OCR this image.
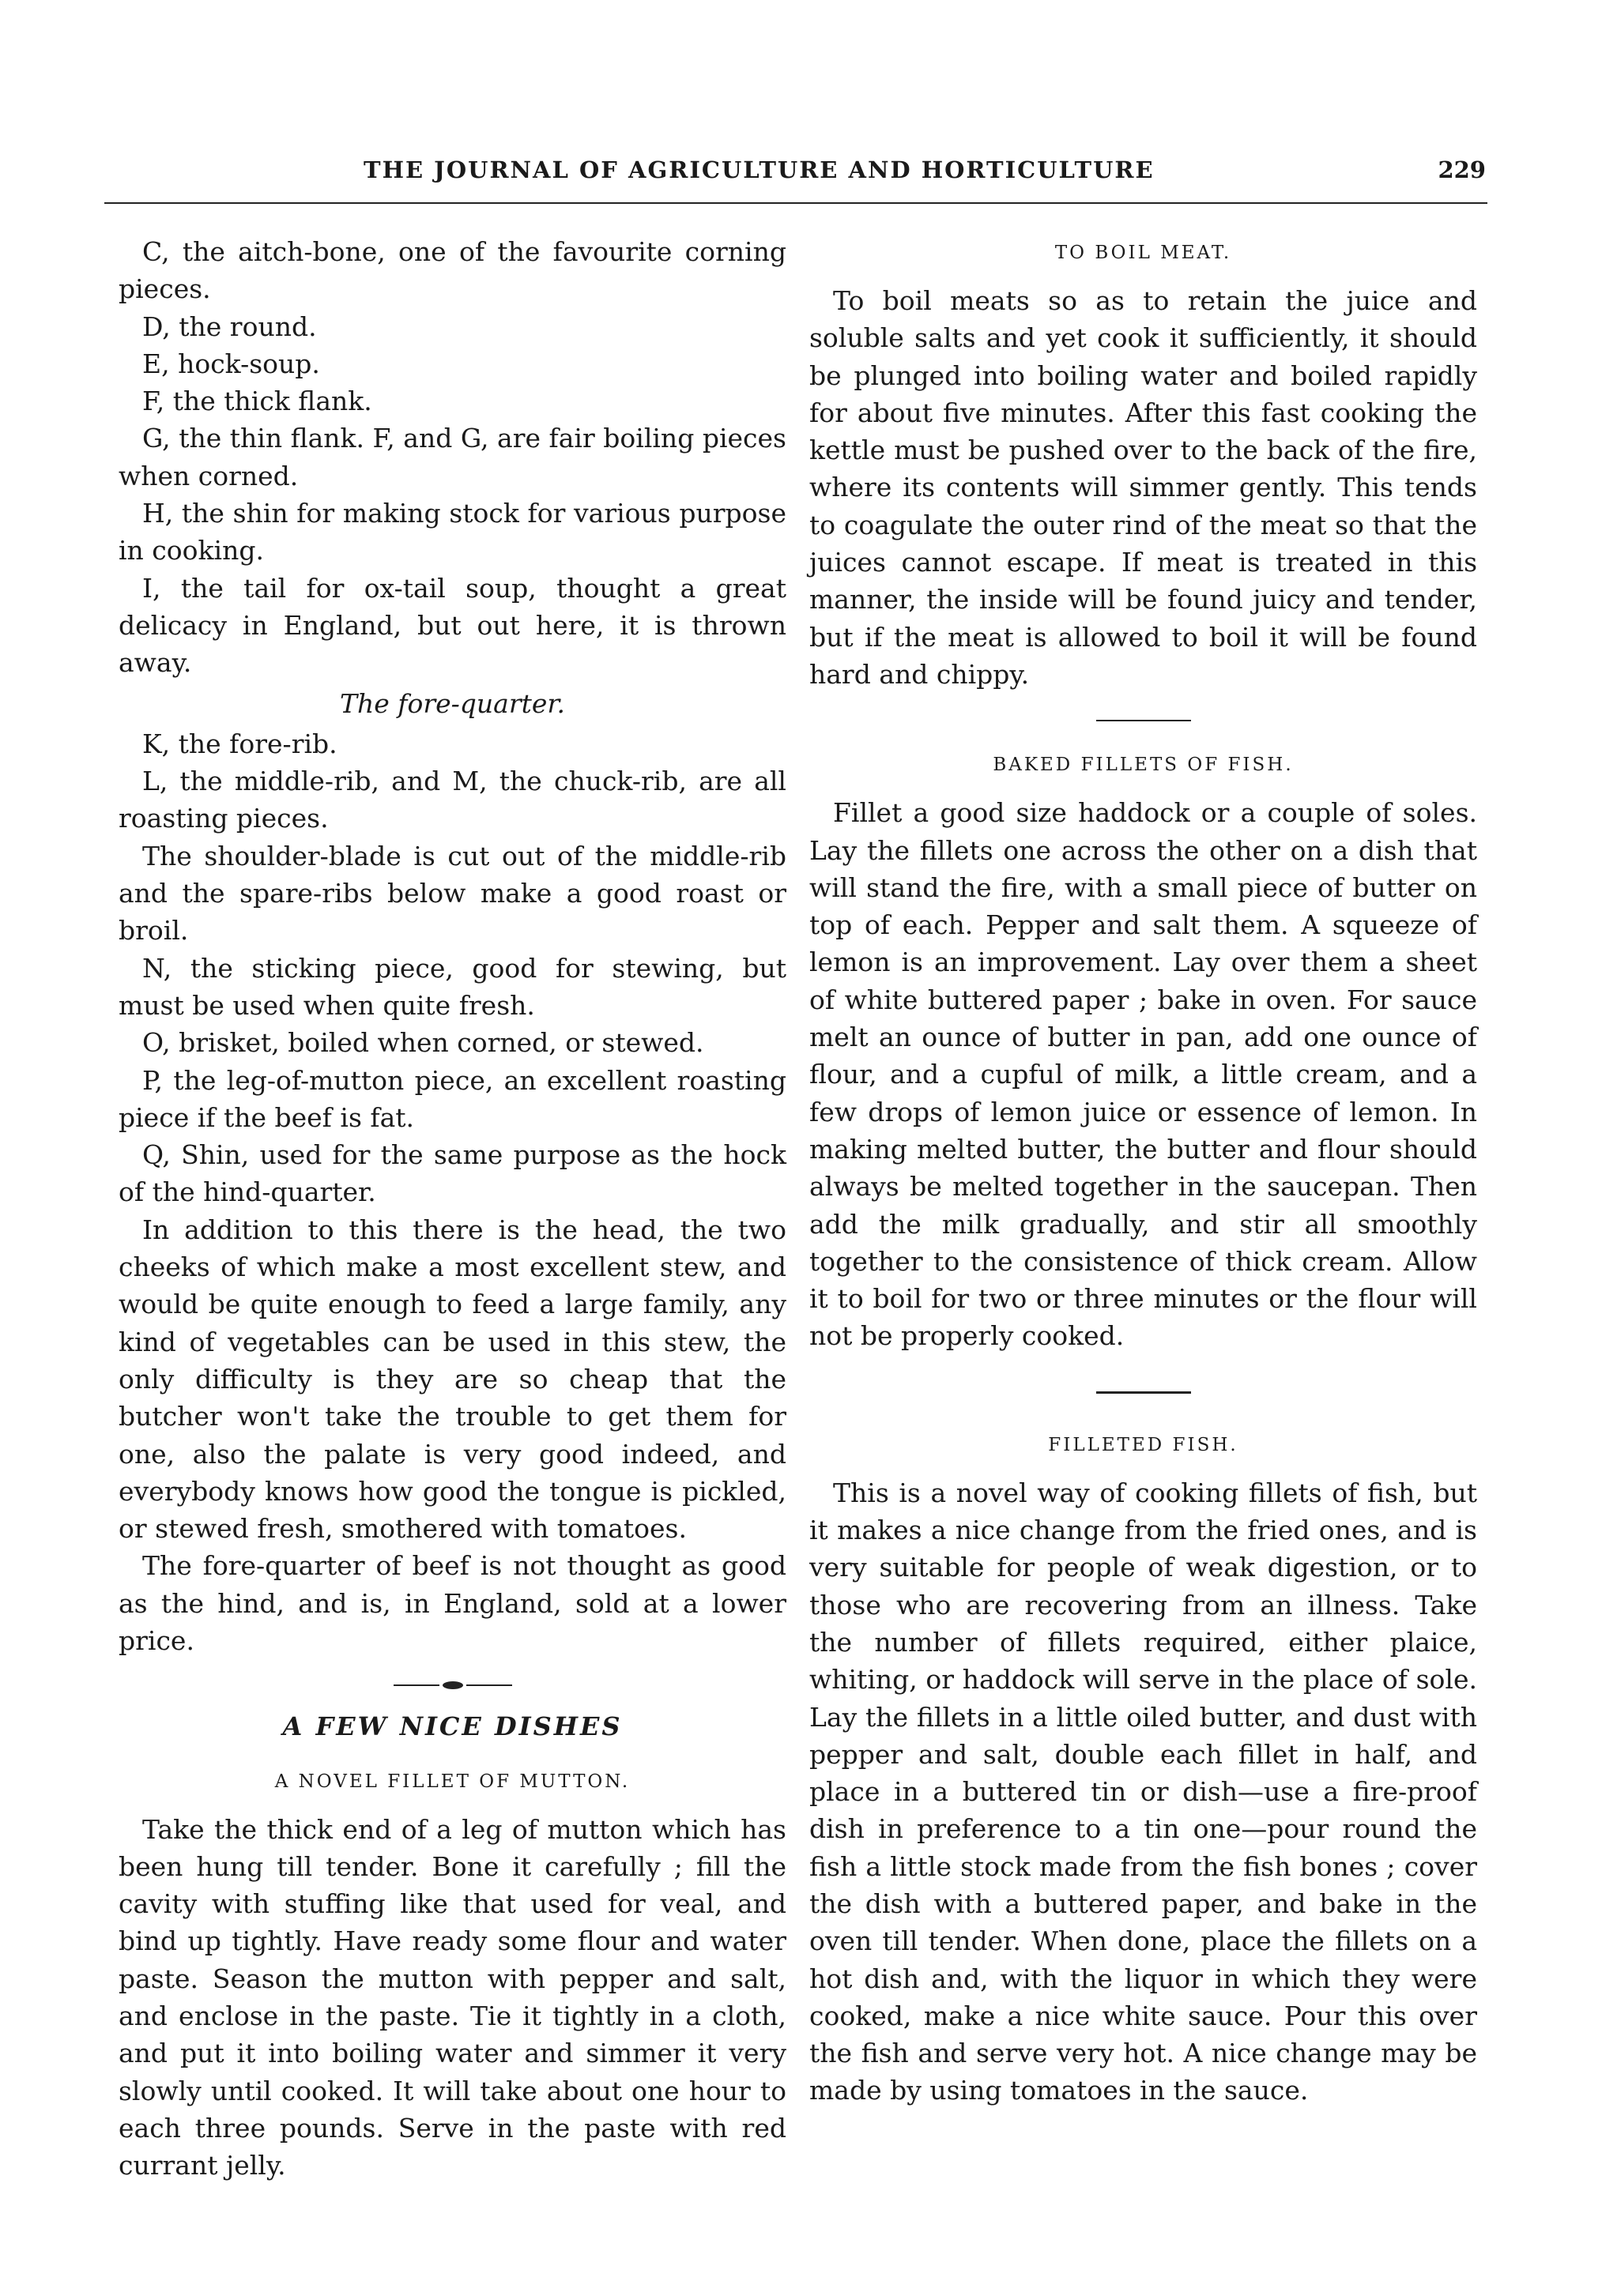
THE JOURNAL OF AGRICULTURE AND HORTICULTURE	229

C, the aitch-bone, one of the favourite corning pieces.

D, the round.

E, hock-soup.

F, the thick flank.

G, the thin flank. F, and G, are fair boiling pieces when corned.

H, the shin for making stock for various purpose in cooking.

I, the tail for ox-tail soup, thought a great delicacy in England, but out here, it is thrown away.

The fore-quarter.

K, the fore-rib.

L, the middle-rib, and M, the chuck-rib, are all roasting pieces.

The shoulder-blade is cut out of the middle-rib and the spare-ribs below make a good roast or broil.

N, the sticking piece, good for stewing, but must be used when quite fresh.

O, brisket, boiled when corned, or stewed.

P, the leg-of-mutton piece, an excellent roasting piece if the beef is fat.

Q, Shin, used for the same purpose as the hock of the hind-quarter.

In addition to this there is the head, the two cheeks of which make a most excellent stew, and would be quite enough to feed a large family, any kind of vegetables can be used in this stew, the only difficulty is they are so cheap that the butcher won't take the trouble to get them for one, also the palate is very good indeed, and everybody knows how good the tongue is pickled, or stewed fresh, smothered with tomatoes.

The fore-quarter of beef is not thought as good as the hind, and is, in England, sold at a lower price.

A FEW NICE DISHES

A NOVEL FILLET OF MUTTON.

Take the thick end of a leg of mutton which has been hung till tender. Bone it carefully ; fill the cavity with stuffing like that used for veal, and bind up tightly. Have ready some flour and water paste. Season the mutton with pepper and salt, and enclose in the paste. Tie it tightly in a cloth, and put it into boiling water and simmer it very slowly until cooked. It will take about one hour to each three pounds. Serve in the paste with red currant jelly.

TO BOIL MEAT.

To boil meats so as to retain the juice and soluble salts and yet cook it sufficiently, it should be plunged into boiling water and boiled rapidly for about five minutes. After this fast cooking the kettle must be pushed over to the back of the fire, where its contents will simmer gently. This tends to coagulate the outer rind of the meat so that the juices cannot escape. If meat is treated in this manner, the inside will be found juicy and tender, but if the meat is allowed to boil it will be found hard and chippy.

BAKED FILLETS OF FISH.

Fillet a good size haddock or a couple of soles. Lay the fillets one across the other on a dish that will stand the fire, with a small piece of butter on top of each. Pepper and salt them. A squeeze of lemon is an improvement. Lay over them a sheet of white buttered paper ; bake in oven. For sauce melt an ounce of butter in pan, add one ounce of flour, and a cupful of milk, a little cream, and a few drops of lemon juice or essence of lemon. In making melted butter, the butter and flour should always be melted together in the saucepan. Then add the milk gradually, and stir all smoothly together to the consistence of thick cream. Allow it to boil for two or three minutes or the flour will not be properly cooked.

FILLETED FISH.

This is a novel way of cooking fillets of fish, but it makes a nice change from the fried ones, and is very suitable for people of weak digestion, or to those who are recovering from an illness. Take the number of fillets required, either plaice, whiting, or haddock will serve in the place of sole. Lay the fillets in a little oiled butter, and dust with pepper and salt, double each fillet in half, and place in a buttered tin or dish—use a fire-proof dish in preference to a tin one—pour round the fish a little stock made from the fish bones ; cover the dish with a buttered paper, and bake in the oven till tender. When done, place the fillets on a hot dish and, with the liquor in which they were cooked, make a nice white sauce. Pour this over the fish and serve very hot. A nice change may be made by using tomatoes in the sauce.
